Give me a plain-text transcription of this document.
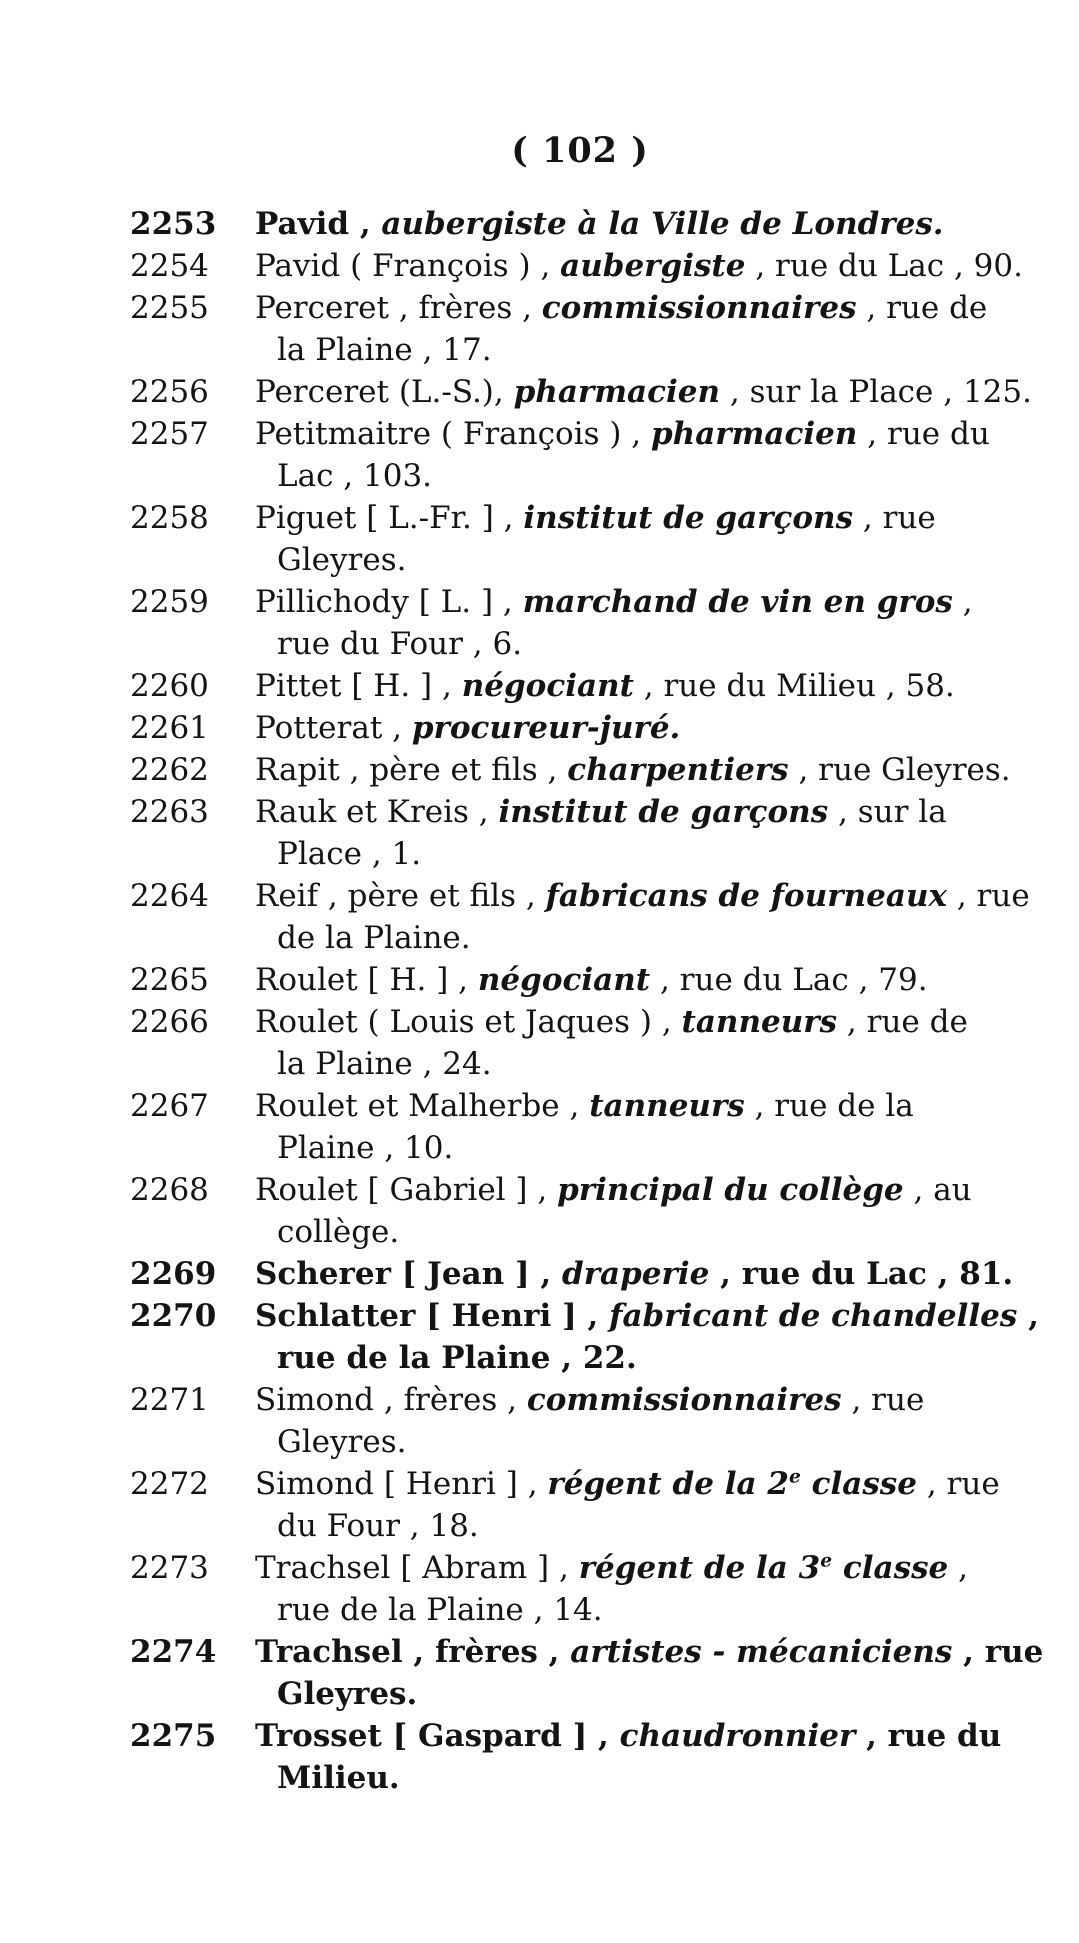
( 102 )
2253	Pavid , aubergiste à la Ville de Londres.
2254	Pavid ( François ) , aubergiste , rue du Lac , 90.
2255	Perceret , frères , commissionnaires , rue de
la Plaine , 17.
2256	Perceret (L.-S.), pharmacien , sur la Place , 125.
2257	Petitmaitre ( François ) , pharmacien , rue du
Lac , 103.
2258	Piguet [ L.-Fr. ] , institut de garçons , rue
Gleyres.
2259	Pillichody [ L. ] , marchand de vin en gros ,
rue du Four , 6.
2260	Pittet [ H. ] , négociant , rue du Milieu , 58.
2261	Potterat , procureur-juré.
2262	Rapit , père et fils , charpentiers , rue Gleyres.
2263	Rauk et Kreis , institut de garçons , sur la
Place , 1.
2264	Reif , père et fils , fabricans de fourneaux , rue
de la Plaine.
2265	Roulet [ H. ] , négociant , rue du Lac , 79.
2266	Roulet ( Louis et Jaques ) , tanneurs , rue de
la Plaine , 24.
2267	Roulet et Malherbe , tanneurs , rue de la
Plaine , 10.
2268	Roulet [ Gabriel ] , principal du collège , au
collège.
2269	Scherer [ Jean ] , draperie , rue du Lac , 81.
2270	Schlatter [ Henri ] , fabricant de chandelles ,
rue de la Plaine , 22.
2271	Simond , frères , commissionnaires , rue
Gleyres.
2272	Simond [ Henri ] , régent de la 2e classe , rue
du Four , 18.
2273	Trachsel [ Abram ] , régent de la 3e classe ,
rue de la Plaine , 14.
2274	Trachsel , frères , artistes - mécaniciens , rue
Gleyres.
2275	Trosset [ Gaspard ] , chaudronnier , rue du
Milieu.
